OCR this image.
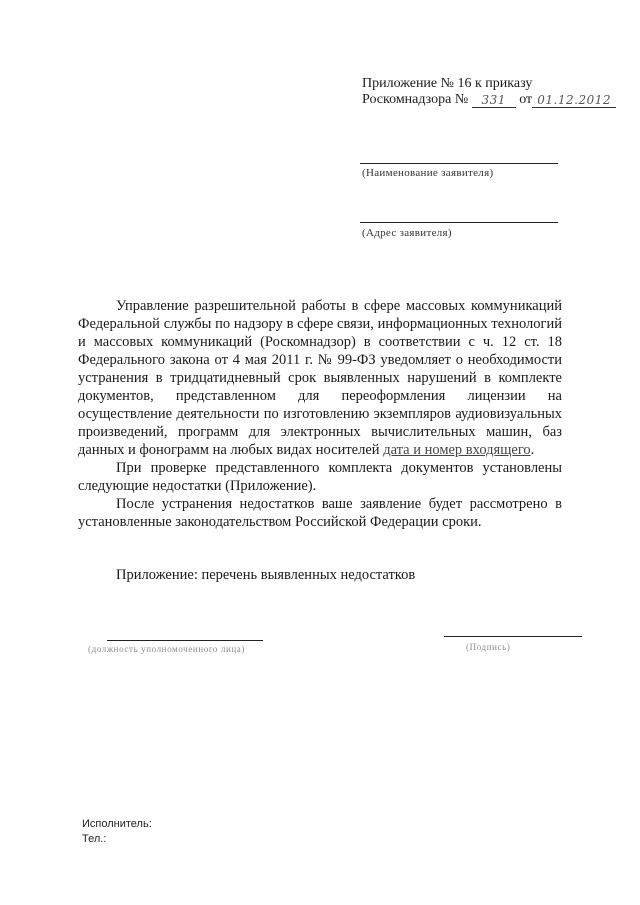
Приложение № 16 к приказу
Роскомнадзора № 331 от 01.12.2012
(Наименование заявителя)
(Адрес заявителя)

Управление разрешительной работы в сфере массовых коммуникаций Федеральной службы по надзору в сфере связи, информационных технологий и массовых коммуникаций (Роскомнадзор) в соответствии с ч. 12 ст. 18 Федерального закона от 4 мая 2011 г. № 99-ФЗ уведомляет о необходимости устранения в тридцатидневный срок выявленных нарушений в комплекте документов, представленном для переоформления лицензии на осуществление деятельности по изготовлению экземпляров аудиовизуальных произведений, программ для электронных вычислительных машин, баз данных и фонограмм на любых видах носителей дата и номер входящего.

При проверке представленного комплекта документов установлены следующие недостатки (Приложение).

После устранения недостатков ваше заявление будет рассмотрено в установленные законодательством Российской Федерации сроки.

Приложение: перечень выявленных недостатков
(должность уполномоченного лица)	(Подпись)
Исполнитель:
Тел.:
